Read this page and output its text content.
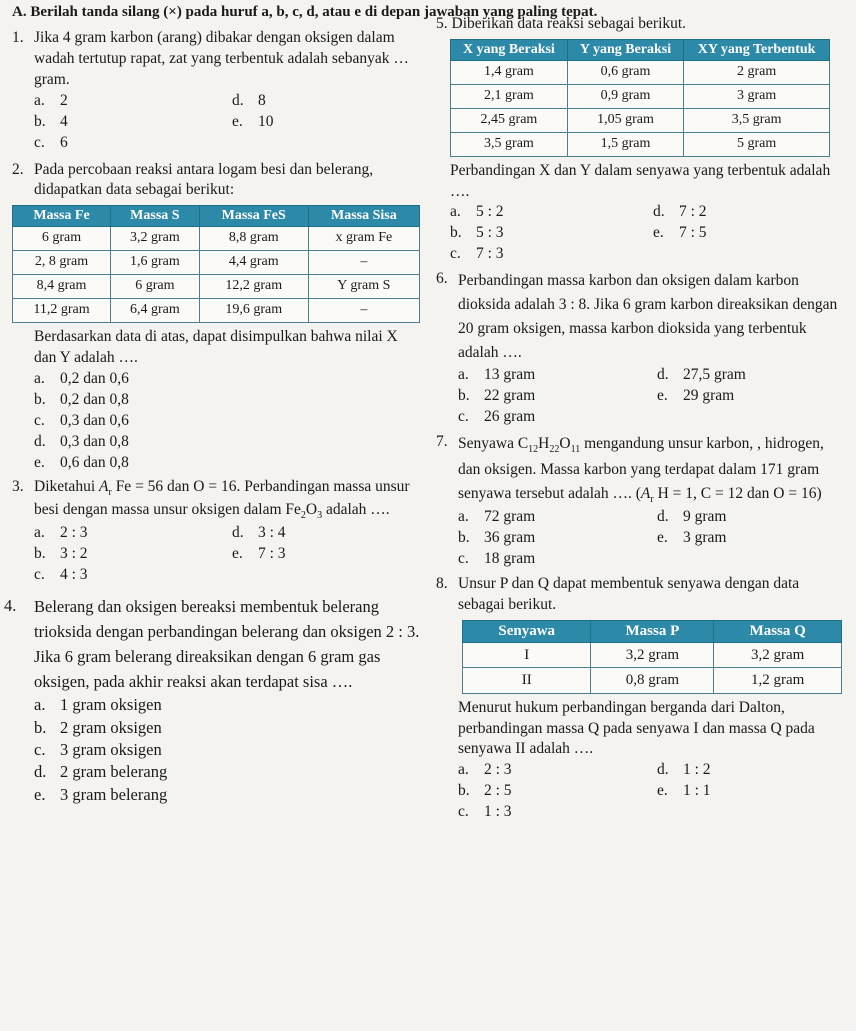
A. Berilah tanda silang (×) pada huruf a, b, c, d, atau e di depan jawaban yang paling tepat.
1. Jika 4 gram karbon (arang) dibakar dengan oksigen dalam wadah tertutup rapat, zat yang terbentuk adalah sebanyak … gram.
a. 2	d. 8
b. 4	e. 10
c. 6
2. Pada percobaan reaksi antara logam besi dan belerang, didapatkan data sebagai berikut:
Massa Fe	Massa S	Massa FeS	Massa Sisa
6 gram	3,2 gram	8,8 gram	x gram Fe
2, 8 gram	1,6 gram	4,4 gram	–
8,4 gram	6 gram	12,2 gram	Y gram S
11,2 gram	6,4 gram	19,6 gram	–
Berdasarkan data di atas, dapat disimpulkan bahwa nilai X dan Y adalah ….
a. 0,2 dan 0,6
b. 0,2 dan 0,8
c. 0,3 dan 0,6
d. 0,3 dan 0,8
e. 0,6 dan 0,8
3. Diketahui $A_r$ Fe = 56 dan O = 16. Perbandingan massa unsur besi dengan massa unsur oksigen dalam $Fe_2O_3$ adalah ….
a. 2 : 3	d. 3 : 4
b. 3 : 2	e. 7 : 3
c. 4 : 3
4. Belerang dan oksigen bereaksi membentuk belerang trioksida dengan perbandingan belerang dan oksigen 2 : 3. Jika 6 gram belerang direaksikan dengan 6 gram gas oksigen, pada akhir reaksi akan terdapat sisa ….
a. 1 gram oksigen
b. 2 gram oksigen
c. 3 gram oksigen
d. 2 gram belerang
e. 3 gram belerang
5. Diberikan data reaksi sebagai berikut.
X yang Beraksi	Y yang Beraksi	XY yang Terbentuk
1,4 gram	0,6 gram	2 gram
2,1 gram	0,9 gram	3 gram
2,45 gram	1,05 gram	3,5 gram
3,5 gram	1,5 gram	5 gram
Perbandingan X dan Y dalam senyawa yang terbentuk adalah ….
a. 5 : 2	d. 7 : 2
b. 5 : 3	e. 7 : 5
c. 7 : 3
6. Perbandingan massa karbon dan oksigen dalam karbon dioksida adalah 3 : 8. Jika 6 gram karbon direaksikan dengan 20 gram oksigen, massa karbon dioksida yang terbentuk adalah ….
a. 13 gram	d. 27,5 gram
b. 22 gram	e. 29 gram
c. 26 gram
7. Senyawa $C_{12}H_{22}O_{11}$ mengandung unsur karbon, , hidrogen, dan oksigen. Massa karbon yang terdapat dalam 171 gram senyawa tersebut adalah …. ($A_r$ H = 1, C = 12 dan O = 16)
a. 72 gram	d. 9 gram
b. 36 gram	e. 3 gram
c. 18 gram
8. Unsur P dan Q dapat membentuk senyawa dengan data sebagai berikut.
Senyawa	Massa P	Massa Q
I	3,2 gram	3,2 gram
II	0,8 gram	1,2 gram
Menurut hukum perbandingan berganda dari Dalton, perbandingan massa Q pada senyawa I dan massa Q pada senyawa II adalah ….
a. 2 : 3	d. 1 : 2
b. 2 : 5	e. 1 : 1
c. 1 : 3
